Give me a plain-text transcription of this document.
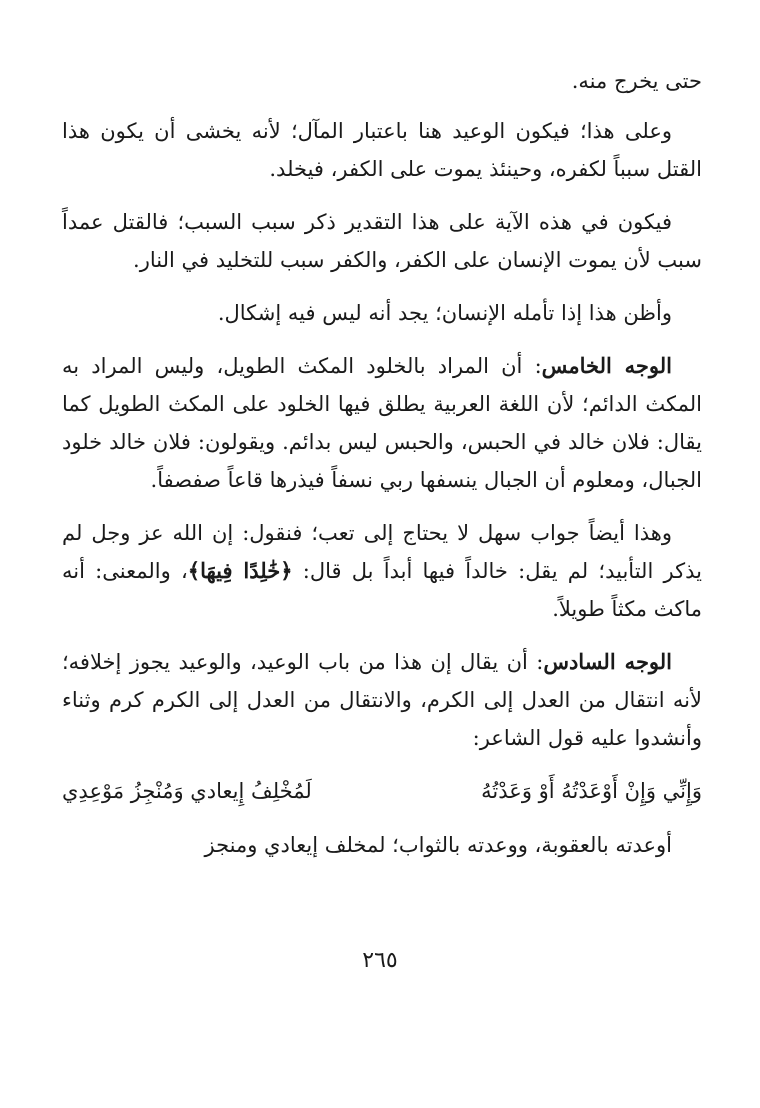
حتى يخرج منه.

وعلى هذا؛ فيكون الوعيد هنا باعتبار المآل؛ لأنه يخشى أن يكون هذا القتل سبباً لكفره، وحينئذ يموت على الكفر، فيخلد.

فيكون في هذه الآية على هذا التقدير ذكر سبب السبب؛ فالقتل عمداً سبب لأن يموت الإنسان على الكفر، والكفر سبب للتخليد في النار.

وأظن هذا إذا تأمله الإنسان؛ يجد أنه ليس فيه إشكال.

الوجه الخامس: أن المراد بالخلود المكث الطويل، وليس المراد به المكث الدائم؛ لأن اللغة العربية يطلق فيها الخلود على المكث الطويل كما يقال: فلان خالد في الحبس، والحبس ليس بدائم. ويقولون: فلان خالد خلود الجبال، ومعلوم أن الجبال ينسفها ربي نسفاً فيذرها قاعاً صفصفاً.

وهذا أيضاً جواب سهل لا يحتاج إلى تعب؛ فنقول: إن الله عز وجل لم يذكر التأبيد؛ لم يقل: خالداً فيها أبداً بل قال: ﴿خَٰلِدًا فِيهَا﴾، والمعنى: أنه ماكث مكثاً طويلاً.

الوجه السادس: أن يقال إن هذا من باب الوعيد، والوعيد يجوز إخلافه؛ لأنه انتقال من العدل إلى الكرم، والانتقال من العدل إلى الكرم كرم وثناء وأنشدوا عليه قول الشاعر:

وَإِنِّي وَإِنْ أَوْعَدْتُهُ أَوْ وَعَدْتُهُ
لَمُخْلِفُ إِيعادي وَمُنْجِزُ مَوْعِدِي

أوعدته بالعقوبة، ووعدته بالثواب؛ لمخلف إيعادي ومنجز

٢٦٥
